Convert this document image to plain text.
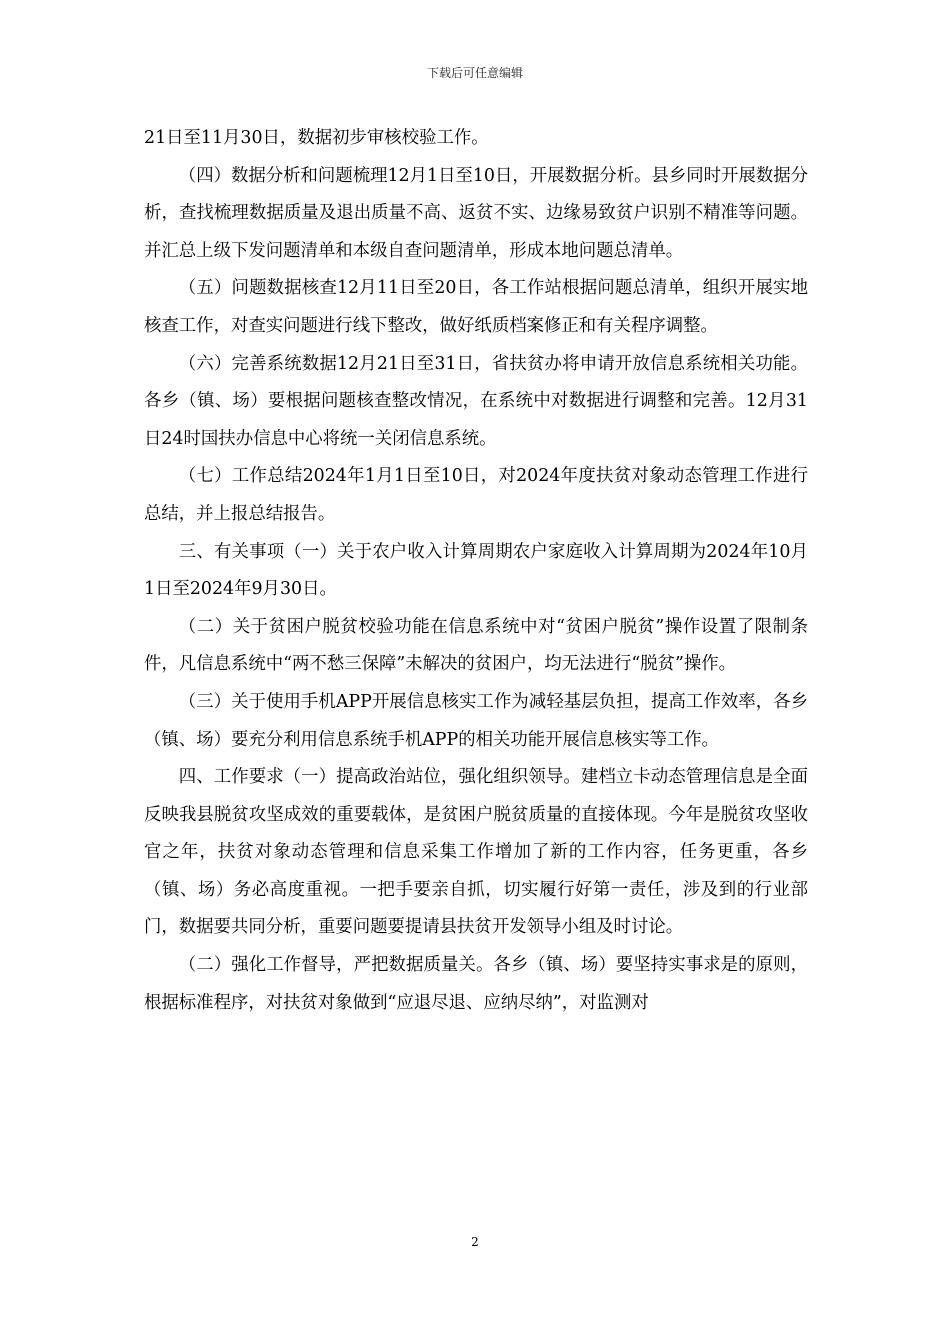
下载后可任意编辑

21日至11月30日，数据初步审核校验工作。

（四）数据分析和问题梳理12月1日至10日，开展数据分析。县乡同时开展数据分析，查找梳理数据质量及退出质量不高、返贫不实、边缘易致贫户识别不精准等问题。并汇总上级下发问题清单和本级自查问题清单，形成本地问题总清单。

（五）问题数据核查12月11日至20日，各工作站根据问题总清单，组织开展实地核查工作，对查实问题进行线下整改，做好纸质档案修正和有关程序调整。

（六）完善系统数据12月21日至31日，省扶贫办将申请开放信息系统相关功能。各乡（镇、场）要根据问题核查整改情况，在系统中对数据进行调整和完善。12月31日24时国扶办信息中心将统一关闭信息系统。

（七）工作总结2024年1月1日至10日，对2024年度扶贫对象动态管理工作进行总结，并上报总结报告。

三、有关事项（一）关于农户收入计算周期农户家庭收入计算周期为2024年10月1日至2024年9月30日。

（二）关于贫困户脱贫校验功能在信息系统中对“贫困户脱贫”操作设置了限制条件，凡信息系统中“两不愁三保障”未解决的贫困户，均无法进行“脱贫”操作。

（三）关于使用手机APP开展信息核实工作为减轻基层负担，提高工作效率，各乡（镇、场）要充分利用信息系统手机APP的相关功能开展信息核实等工作。

四、工作要求（一）提高政治站位，强化组织领导。建档立卡动态管理信息是全面反映我县脱贫攻坚成效的重要载体，是贫困户脱贫质量的直接体现。今年是脱贫攻坚收官之年，扶贫对象动态管理和信息采集工作增加了新的工作内容，任务更重，各乡（镇、场）务必高度重视。一把手要亲自抓，切实履行好第一责任，涉及到的行业部门，数据要共同分析，重要问题要提请县扶贫开发领导小组及时讨论。

（二）强化工作督导，严把数据质量关。各乡（镇、场）要坚持实事求是的原则，根据标准程序，对扶贫对象做到“应退尽退、应纳尽纳”，对监测对

2
